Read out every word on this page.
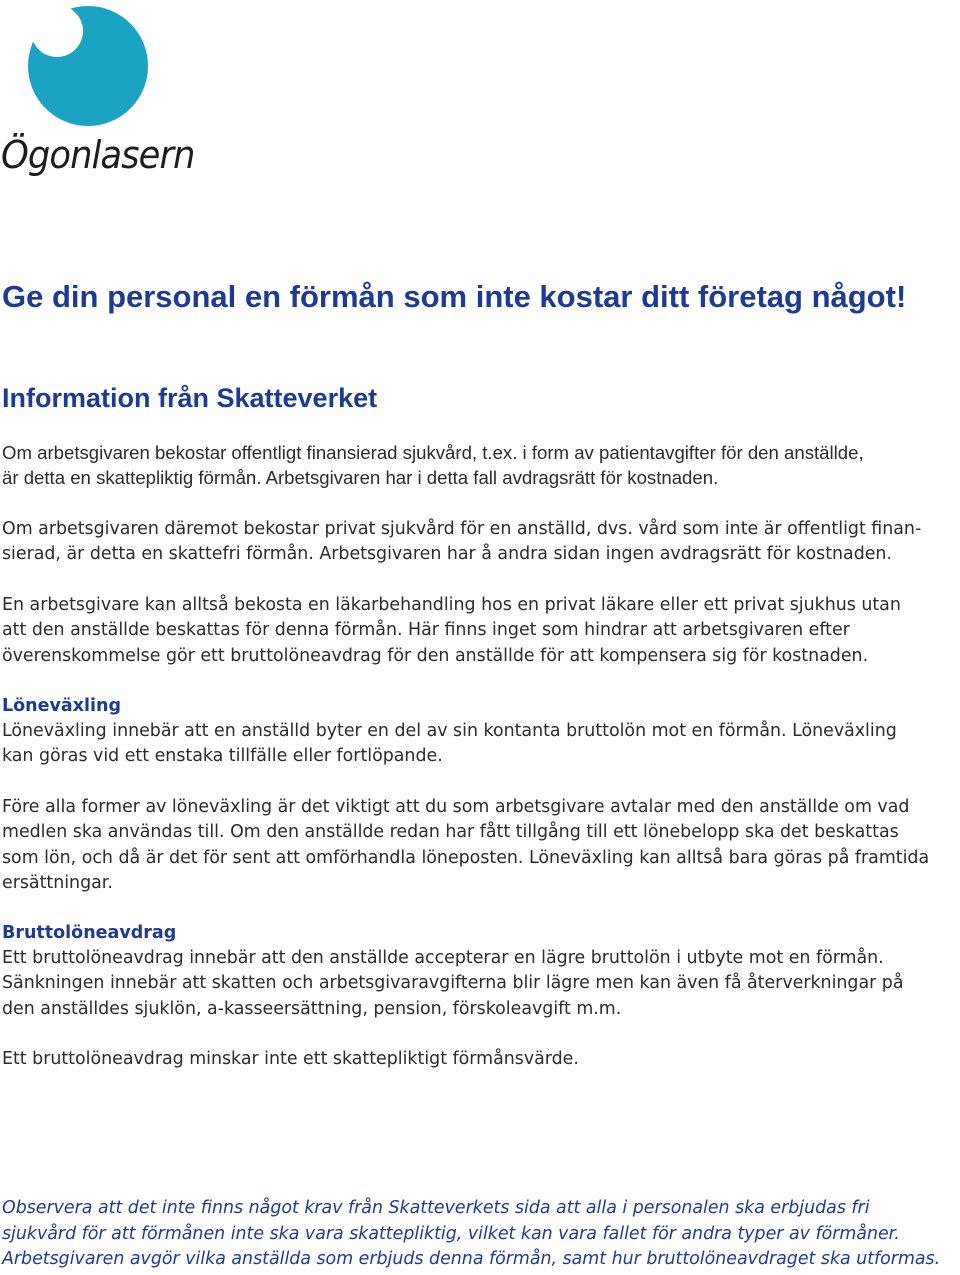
Ögonlasern
Ge din personal en förmån som inte kostar ditt företag något!
Information från Skatteverket

Om arbetsgivaren bekostar offentligt finansierad sjukvård, t.ex. i form av patientavgifter för den anställde,
är detta en skattepliktig förmån. Arbetsgivaren har i detta fall avdragsrätt för kostnaden.

Om arbetsgivaren däremot bekostar privat sjukvård för en anställd, dvs. vård som inte är offentligt finan-
sierad, är detta en skattefri förmån. Arbetsgivaren har å andra sidan ingen avdragsrätt för kostnaden.

En arbetsgivare kan alltså bekosta en läkarbehandling hos en privat läkare eller ett privat sjukhus utan
att den anställde beskattas för denna förmån. Här finns inget som hindrar att arbetsgivaren efter
överenskommelse gör ett bruttolöneavdrag för den anställde för att kompensera sig för kostnaden.

Löneväxling

Löneväxling innebär att en anställd byter en del av sin kontanta bruttolön mot en förmån. Löneväxling
kan göras vid ett enstaka tillfälle eller fortlöpande.

Före alla former av löneväxling är det viktigt att du som arbetsgivare avtalar med den anställde om vad
medlen ska användas till. Om den anställde redan har fått tillgång till ett lönebelopp ska det beskattas
som lön, och då är det för sent att omförhandla löneposten. Löneväxling kan alltså bara göras på framtida
ersättningar.

Bruttolöneavdrag

Ett bruttolöneavdrag innebär att den anställde accepterar en lägre bruttolön i utbyte mot en förmån.
Sänkningen innebär att skatten och arbetsgivaravgifterna blir lägre men kan även få återverkningar på
den anställdes sjuklön, a-kasseersättning, pension, förskoleavgift m.m.

Ett bruttolöneavdrag minskar inte ett skattepliktigt förmånsvärde.

Observera att det inte finns något krav från Skatteverkets sida att alla i personalen ska erbjudas fri
sjukvård för att förmånen inte ska vara skattepliktig, vilket kan vara fallet för andra typer av förmåner.
Arbetsgivaren avgör vilka anställda som erbjuds denna förmån, samt hur bruttolöneavdraget ska utformas.
